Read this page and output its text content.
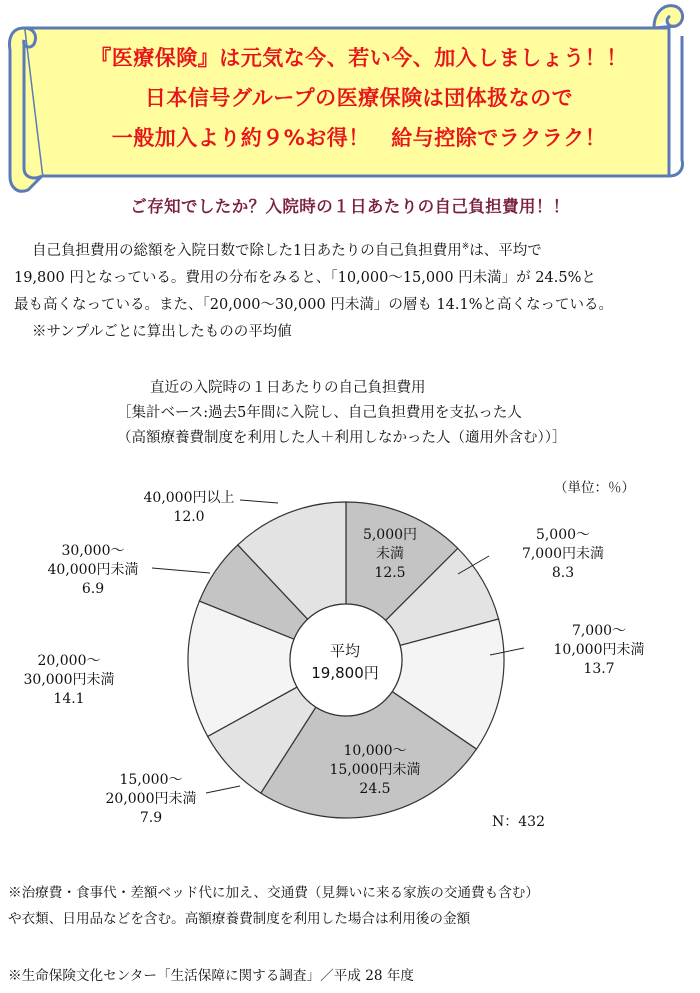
『医療保険』は元気な今、若い今、加入しましょう！！
日本信号グループの医療保険は団体扱なので
一般加入より約９%お得！　給与控除でラクラク！
ご存知でしたか？入院時の１日あたりの自己負担費用！！

自己負担費用の総額を入院日数で除した1日あたりの自己負担費用※は、平均で

19,800 円となっている。費用の分布をみると、「10,000～15,000 円未満」が 24.5%と

最も高くなっている。また、「20,000～30,000 円未満」の層も 14.1%と高くなっている。

※サンプルごとに算出したものの平均値

直近の入院時の１日あたりの自己負担費用
［集計ベース:過去5年間に入院し、自己負担費用を支払った人
（高額療養費制度を利用した人＋利用しなかった人（適用外含む））］
（単位：％）
5,000円
未満
12.5
5,000～
7,000円未満
8.3
7,000～
10,000円未満
13.7
10,000～
15,000円未満
24.5
15,000～
20,000円未満
7.9
20,000～
30,000円未満
14.1
30,000～
40,000円未満
6.9
40,000円以上
12.0
平均
19,800円
N：432

※治療費・食事代・差額ベッド代に加え、交通費（見舞いに来る家族の交通費も含む）

や衣類、日用品などを含む。高額療養費制度を利用した場合は利用後の金額

※生命保険文化センター「生活保障に関する調査」／平成 28 年度
